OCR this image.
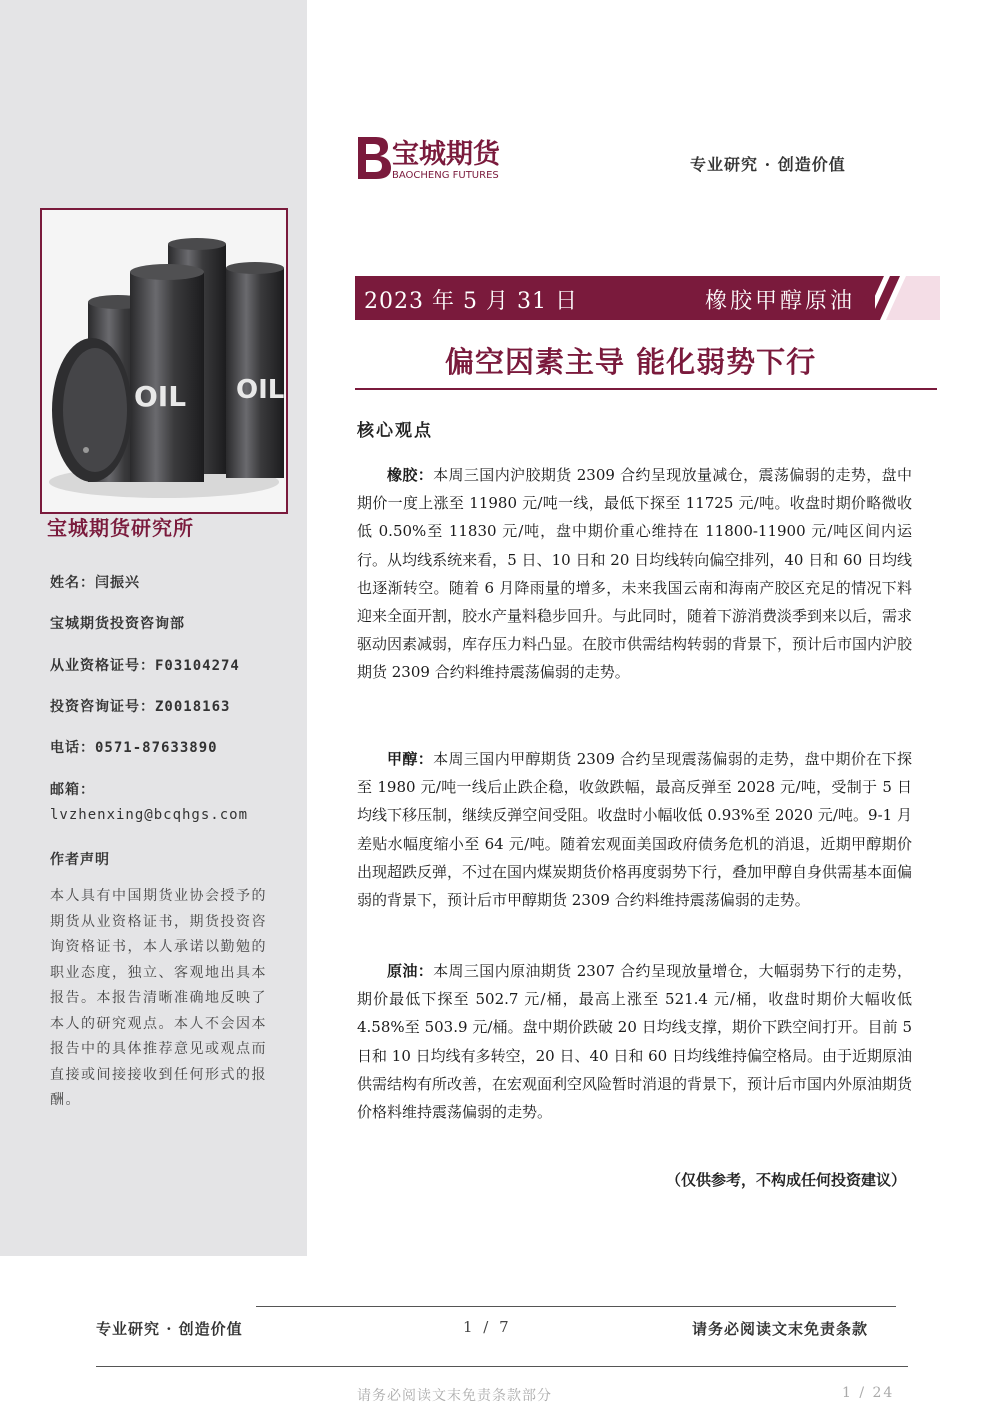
OIL OIL
宝城期货研究所
姓名：闫振兴
宝城期货投资咨询部
从业资格证号：F03104274
投资咨询证号：Z0018163
电话：0571-87633890
邮箱：
lvzhenxing@bcqhgs.com
作者声明
本人具有中国期货业协会授予的期货从业资格证书，期货投资咨询资格证书，本人承诺以勤勉的职业态度，独立、客观地出具本报告。本报告清晰准确地反映了本人的研究观点。本人不会因本报告中的具体推荐意见或观点而直接或间接接收到任何形式的报酬。
宝城期货
BAOCHENG FUTURES
专业研究 · 创造价值
2023 年 5 月 31 日	橡胶甲醇原油
偏空因素主导 能化弱势下行
核心观点

橡胶：本周三国内沪胶期货 2309 合约呈现放量减仓，震荡偏弱的走势，盘中期价一度上涨至 11980 元/吨一线，最低下探至 11725 元/吨。收盘时期价略微收低 0.50%至 11830 元/吨，盘中期价重心维持在 11800-11900 元/吨区间内运行。从均线系统来看，5 日、10 日和 20 日均线转向偏空排列，40 日和 60 日均线也逐渐转空。随着 6 月降雨量的增多，未来我国云南和海南产胶区充足的情况下料迎来全面开割，胶水产量料稳步回升。与此同时，随着下游消费淡季到来以后，需求驱动因素减弱，库存压力料凸显。在胶市供需结构转弱的背景下，预计后市国内沪胶期货 2309 合约料维持震荡偏弱的走势。

甲醇：本周三国内甲醇期货 2309 合约呈现震荡偏弱的走势，盘中期价在下探至 1980 元/吨一线后止跌企稳，收敛跌幅，最高反弹至 2028 元/吨，受制于 5 日均线下移压制，继续反弹空间受阻。收盘时小幅收低 0.93%至 2020 元/吨。9-1 月差贴水幅度缩小至 64 元/吨。随着宏观面美国政府债务危机的消退，近期甲醇期价出现超跌反弹，不过在国内煤炭期货价格再度弱势下行，叠加甲醇自身供需基本面偏弱的背景下，预计后市甲醇期货 2309 合约料维持震荡偏弱的走势。

原油：本周三国内原油期货 2307 合约呈现放量增仓，大幅弱势下行的走势，期价最低下探至 502.7 元/桶，最高上涨至 521.4 元/桶，收盘时期价大幅收低 4.58%至 503.9 元/桶。盘中期价跌破 20 日均线支撑，期价下跌空间打开。目前 5 日和 10 日均线有多转空，20 日、40 日和 60 日均线维持偏空格局。由于近期原油供需结构有所改善，在宏观面利空风险暂时消退的背景下，预计后市国内外原油期货价格料维持震荡偏弱的走势。

（仅供参考，不构成任何投资建议）
专业研究 · 创造价值	1 / 7	请务必阅读文末免责条款
请务必阅读文末免责条款部分	1 / 24
